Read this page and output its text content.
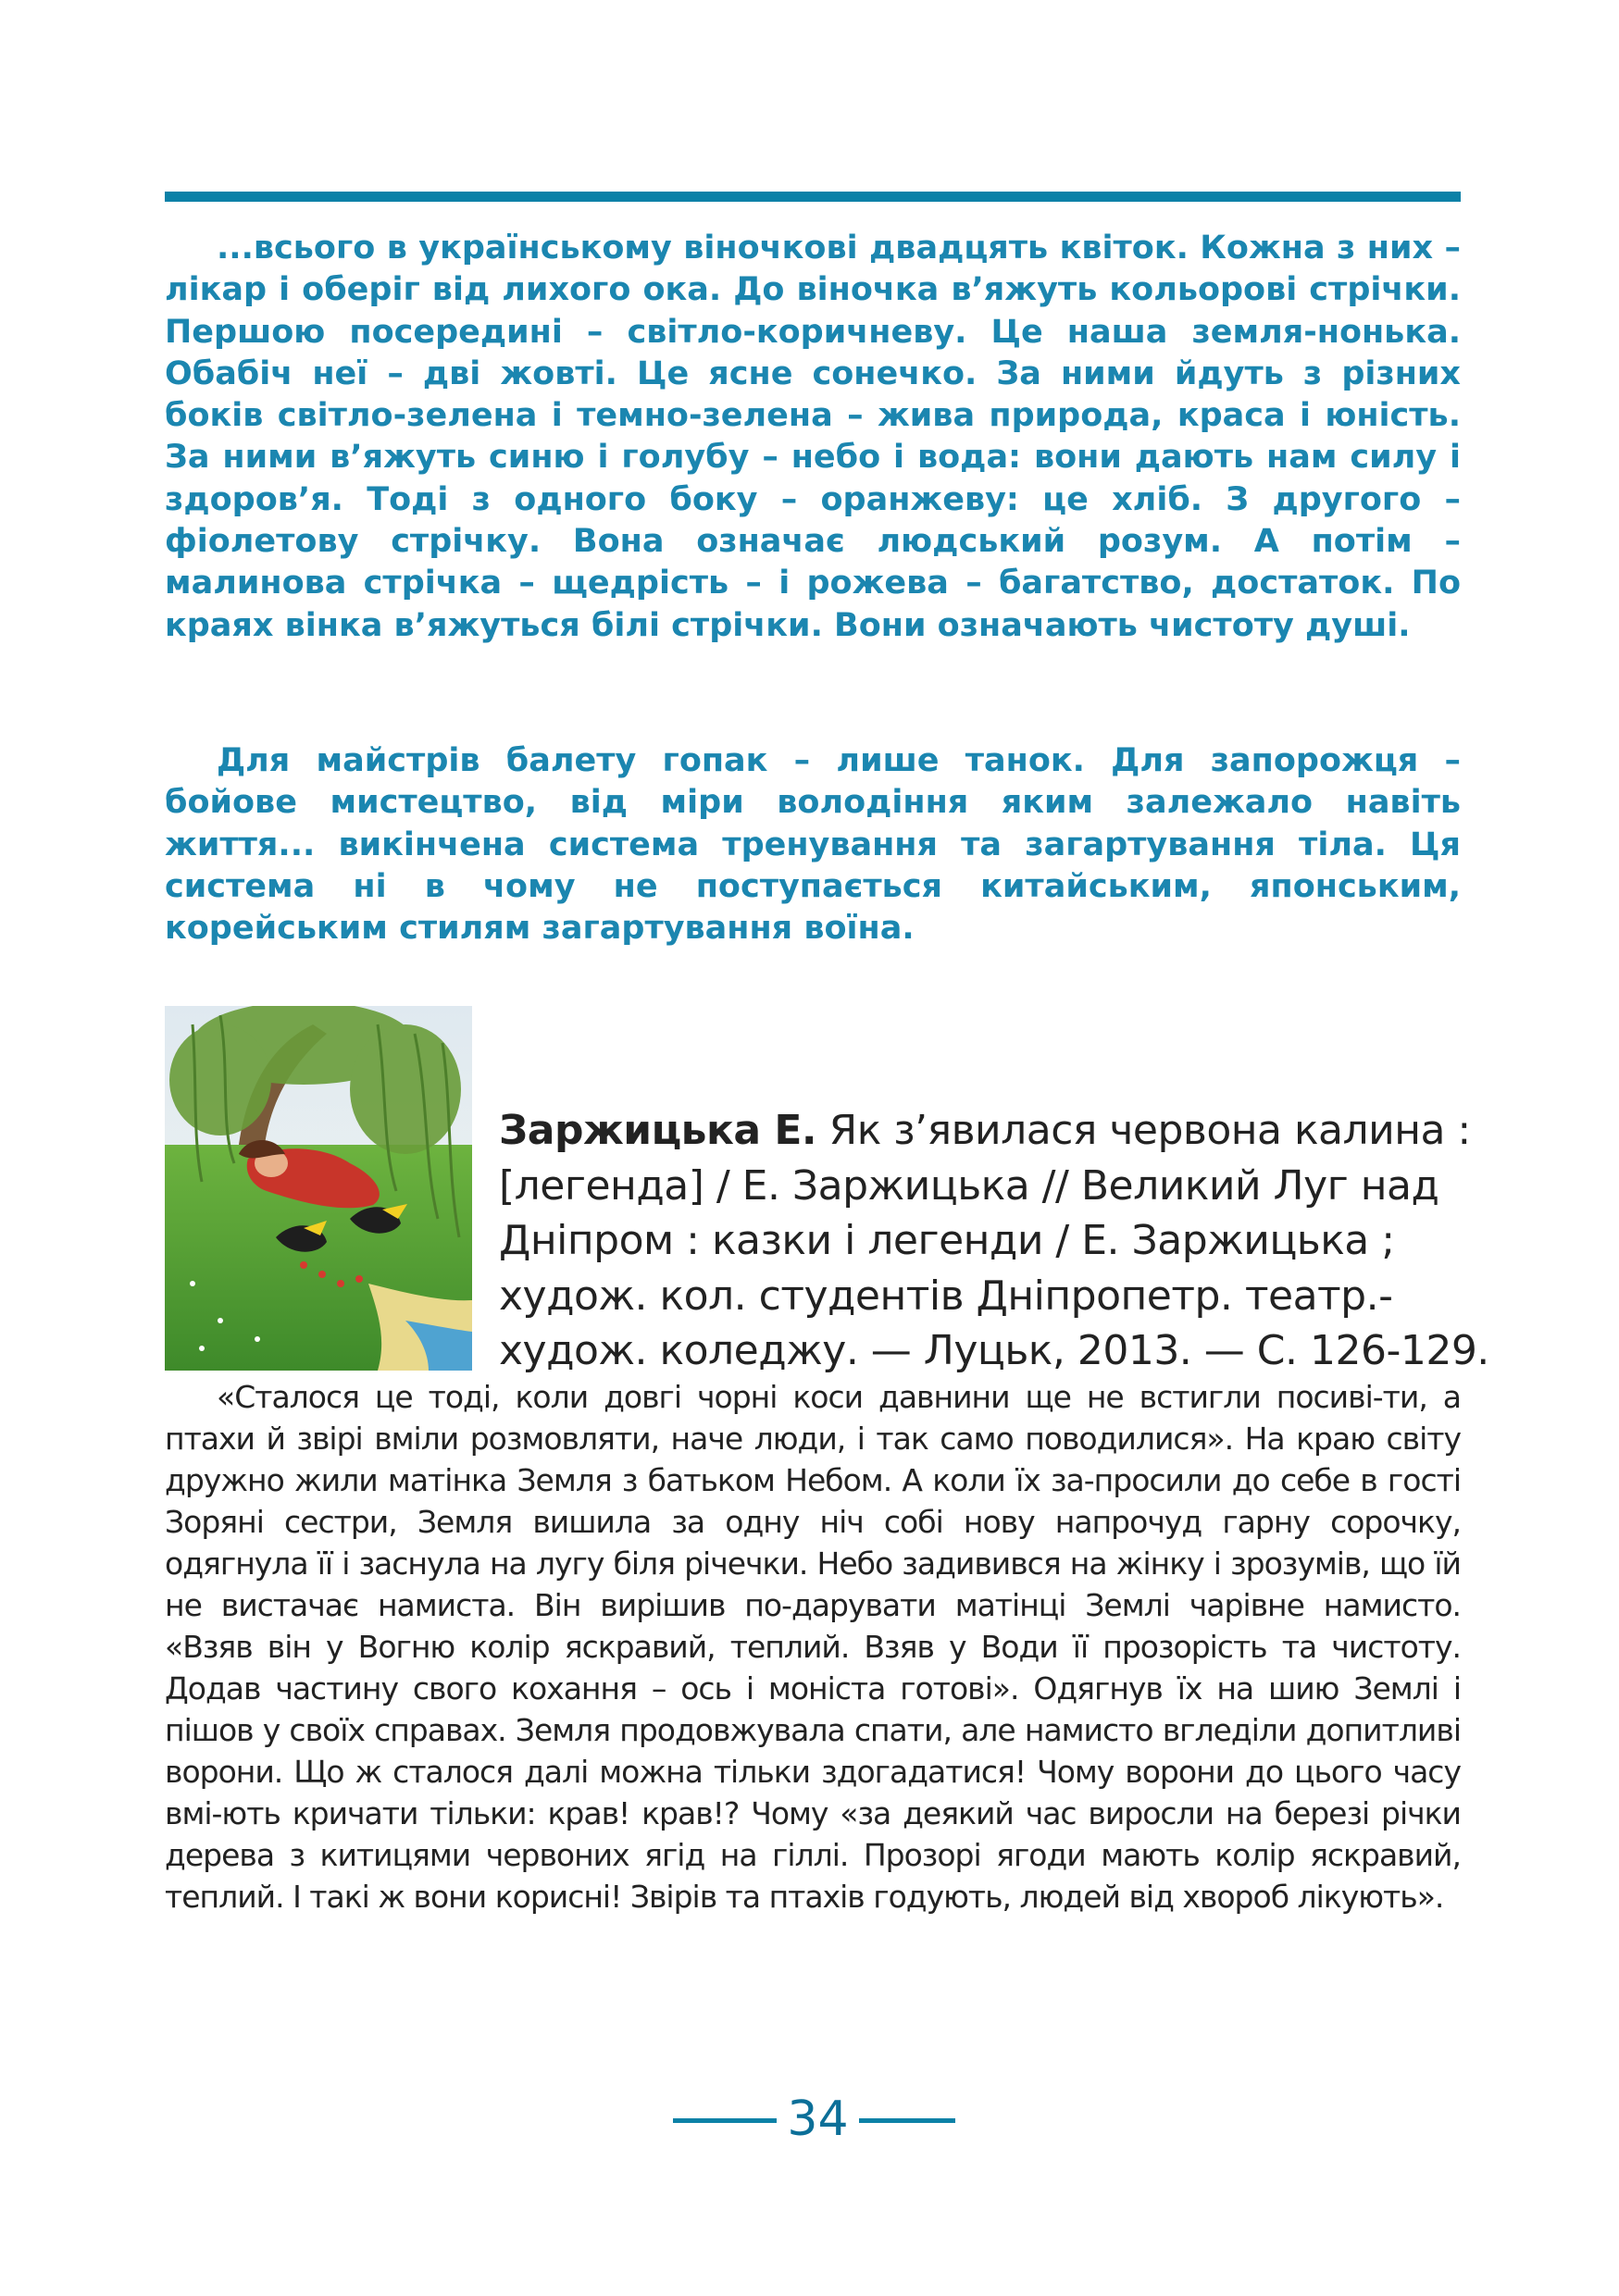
...всього в українському віночкові двадцять квіток. Кожна з них – лікар і оберіг від лихого ока. До віночка в’яжуть кольорові стрічки. Першою посередині – світло-коричневу. Це наша земля-нонька. Обабіч неї – дві жовті. Це ясне сонечко. За ними йдуть з різних боків світло-зелена і темно-зелена – жива природа, краса і юність. За ними в’яжуть синю і голубу – небо і вода: вони дають нам силу і здоров’я. Тоді з одного боку – оранжеву: це хліб. З другого – фіолетову стрічку. Вона означає людський розум. А потім – малинова стрічка – щедрість – і рожева – багатство, достаток. По краях вінка в’яжуться білі стрічки. Вони означають чистоту душі.

Для майстрів балету гопак – лише танок. Для запорожця – бойове мистецтво, від міри володіння яким залежало навіть життя... викінчена система тренування та загартування тіла. Ця система ні в чому не поступається китайським, японським, корейським стилям загартування воїна.

Заржицька Е. Як з’явилася червона калина : [легенда] / Е. Заржицька // Великий Луг над Дніпром : казки і легенди / Е. Заржицька ; худож. кол. студентів Дніпропетр. театр.-худож. коледжу. — Луцьк, 2013. — С. 126-129.

«Сталося це тоді, коли довгі чорні коси давнини ще не встигли посиві-ти, а птахи й звірі вміли розмовляти, наче люди, і так само поводилися». На краю світу дружно жили матінка Земля з батьком Небом. А коли їх за-просили до себе в гості Зоряні сестри, Земля вишила за одну ніч собі нову напрочуд гарну сорочку, одягнула її і заснула на лугу біля річечки. Небо задивився на жінку і зрозумів, що їй не вистачає намиста. Він вирішив по-дарувати матінці Землі чарівне намисто. «Взяв він у Вогню колір яскравий, теплий. Взяв у Води її прозорість та чистоту. Додав частину свого кохання – ось і моніста готові». Одягнув їх на шию Землі і пішов у своїх справах. Земля продовжувала спати, але намисто вгледіли допитливі ворони. Що ж сталося далі можна тільки здогадатися! Чому ворони до цього часу вмі-ють кричати тільки: крав! крав!? Чому «за деякий час виросли на березі річки дерева з китицями червоних ягід на гіллі. Прозорі ягоди мають колір яскравий, теплий. І такі ж вони корисні! Звірів та птахів годують, людей від хвороб лікують».

34
